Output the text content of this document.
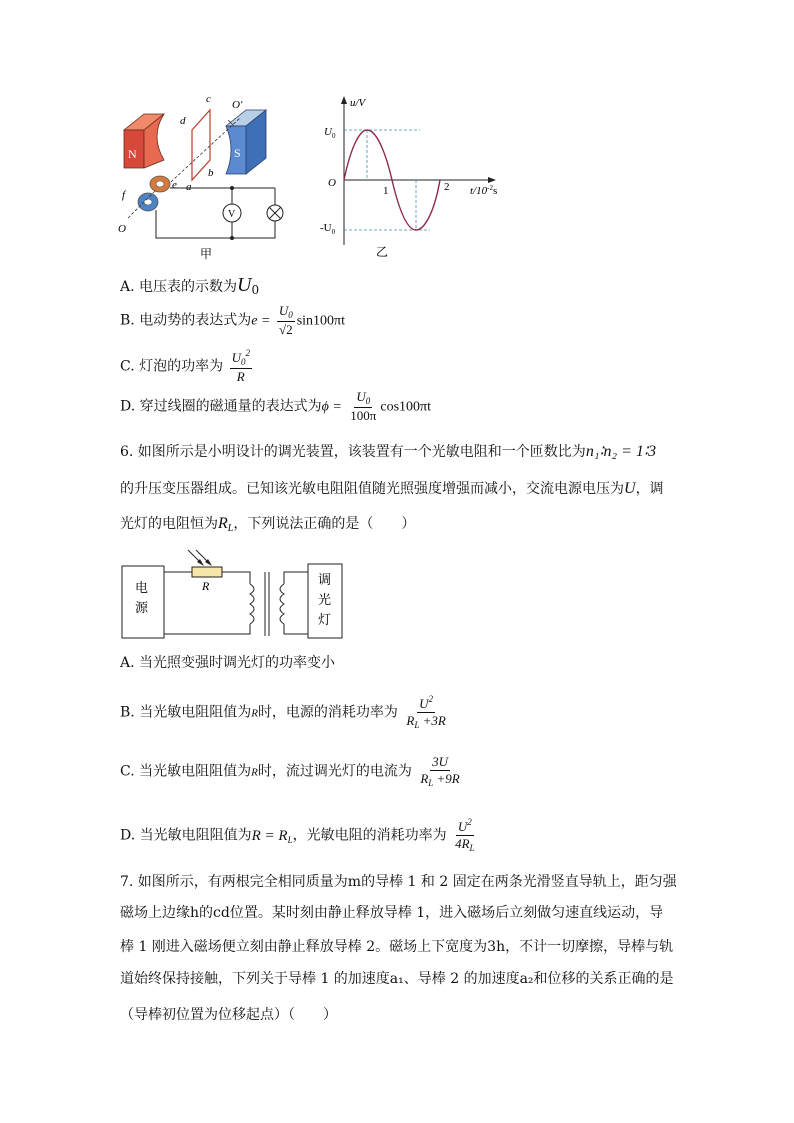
N	S
c
d
O′
b
e a
f
O
V
甲
u/V
O
$U_0$
$-U_0$
1	2 $t/10^{-2}s$
乙
A. 电压表的示数为U0
B. 电动势的表达式为$e = \frac{U_0}{√2} \sin 100\pi t$
C. 灯泡的功率为 $\frac{U_0^2}{R}$
D. 穿过线圈的磁通量的表达式为$\phi = \frac{U_0}{100\pi} \cos 100\pi t$
6. 如图所示是小明设计的调光装置，该装置有一个光敏电阻和一个匝数比为n₁∶n₂ = 1∶3
的升压变压器组成。已知该光敏电阻阻值随光照强度增强而减小，交流电源电压为U，调
光灯的电阻恒为$R_L$，下列说法正确的是（　　）
电
源
R	调
光
灯
A. 当光照变强时调光灯的功率变小
B. 当光敏电阻阻值为R时，电源的消耗功率为 $\frac{U^2}{R_L +3R}$
C. 当光敏电阻阻值为R时，流过调光灯的电流为 $\frac{3U}{R_L +9R}$
D. 当光敏电阻阻值为$R = R_L$，光敏电阻的消耗功率为 $\frac{U^2}{4R_L}$
7. 如图所示，有两根完全相同质量为m的导棒 1 和 2 固定在两条光滑竖直导轨上，距匀强
磁场上边缘h的cd位置。某时刻由静止释放导棒 1，进入磁场后立刻做匀速直线运动，导
棒 1 刚进入磁场便立刻由静止释放导棒 2。磁场上下宽度为3h，不计一切摩擦，导棒与轨
道始终保持接触，下列关于导棒 1 的加速度a₁、导棒 2 的加速度a₂和位移的关系正确的是
（导棒初位置为位移起点）（　　）
